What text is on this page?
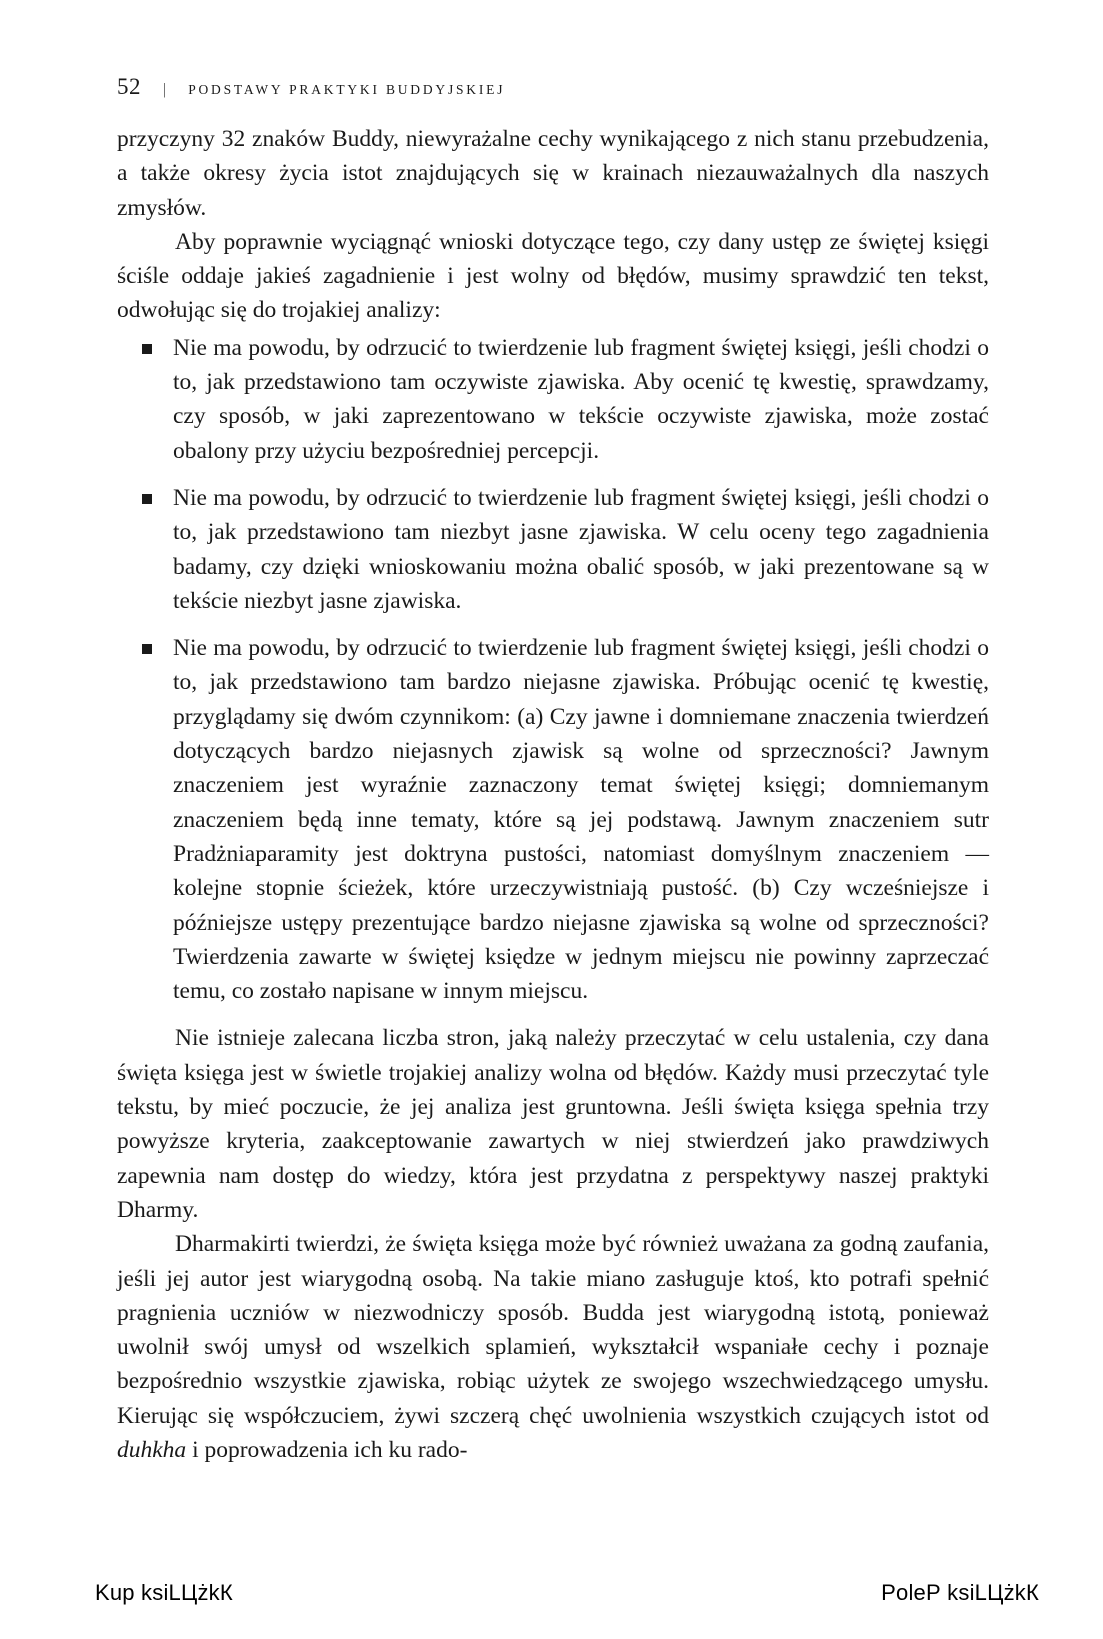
52 | PODSTAWY PRAKTYKI BUDDYJSKIEJ

przyczyny 32 znaków Buddy, niewyrażalne cechy wynikającego z nich stanu przebudzenia, a także okresy życia istot znajdujących się w krainach niezauważalnych dla naszych zmysłów.

Aby poprawnie wyciągnąć wnioski dotyczące tego, czy dany ustęp ze świętej księgi ściśle oddaje jakieś zagadnienie i jest wolny od błędów, musimy sprawdzić ten tekst, odwołując się do trojakiej analizy:

Nie ma powodu, by odrzucić to twierdzenie lub fragment świętej księgi, jeśli chodzi o to, jak przedstawiono tam oczywiste zjawiska. Aby ocenić tę kwestię, sprawdzamy, czy sposób, w jaki zaprezentowano w tekście oczywiste zjawiska, może zostać obalony przy użyciu bezpośredniej percepcji.
Nie ma powodu, by odrzucić to twierdzenie lub fragment świętej księgi, jeśli chodzi o to, jak przedstawiono tam niezbyt jasne zjawiska. W celu oceny tego zagadnienia badamy, czy dzięki wnioskowaniu można obalić sposób, w jaki prezentowane są w tekście niezbyt jasne zjawiska.
Nie ma powodu, by odrzucić to twierdzenie lub fragment świętej księgi, jeśli chodzi o to, jak przedstawiono tam bardzo niejasne zjawiska. Próbując ocenić tę kwestię, przyglądamy się dwóm czynnikom: (a) Czy jawne i domniemane znaczenia twierdzeń dotyczących bardzo niejasnych zjawisk są wolne od sprzeczności? Jawnym znaczeniem jest wyraźnie zaznaczony temat świętej księgi; domniemanym znaczeniem będą inne tematy, które są jej podstawą. Jawnym znaczeniem sutr Pradżniaparamity jest doktryna pustości, natomiast domyślnym znaczeniem — kolejne stopnie ścieżek, które urzeczywistniają pustość. (b) Czy wcześniejsze i późniejsze ustępy prezentujące bardzo niejasne zjawiska są wolne od sprzeczności? Twierdzenia zawarte w świętej księdze w jednym miejscu nie powinny zaprzeczać temu, co zostało napisane w innym miejscu.

Nie istnieje zalecana liczba stron, jaką należy przeczytać w celu ustalenia, czy dana święta księga jest w świetle trojakiej analizy wolna od błędów. Każdy musi przeczytać tyle tekstu, by mieć poczucie, że jej analiza jest gruntowna. Jeśli święta księga spełnia trzy powyższe kryteria, zaakceptowanie zawartych w niej stwierdzeń jako prawdziwych zapewnia nam dostęp do wiedzy, która jest przydatna z perspektywy naszej praktyki Dharmy.

Dharmakirti twierdzi, że święta księga może być również uważana za godną zaufania, jeśli jej autor jest wiarygodną osobą. Na takie miano zasługuje ktoś, kto potrafi spełnić pragnienia uczniów w niezwodniczy sposób. Budda jest wiarygodną istotą, ponieważ uwolnił swój umysł od wszelkich splamień, wykształcił wspaniałe cechy i poznaje bezpośrednio wszystkie zjawiska, robiąc użytek ze swojego wszechwiedzącego umysłu. Kierując się współczuciem, żywi szczerą chęć uwolnienia wszystkich czujących istot od duhkha i poprowadzenia ich ku rado-

Kup ksiLЦżkК	PoleР ksiLЦżkК
